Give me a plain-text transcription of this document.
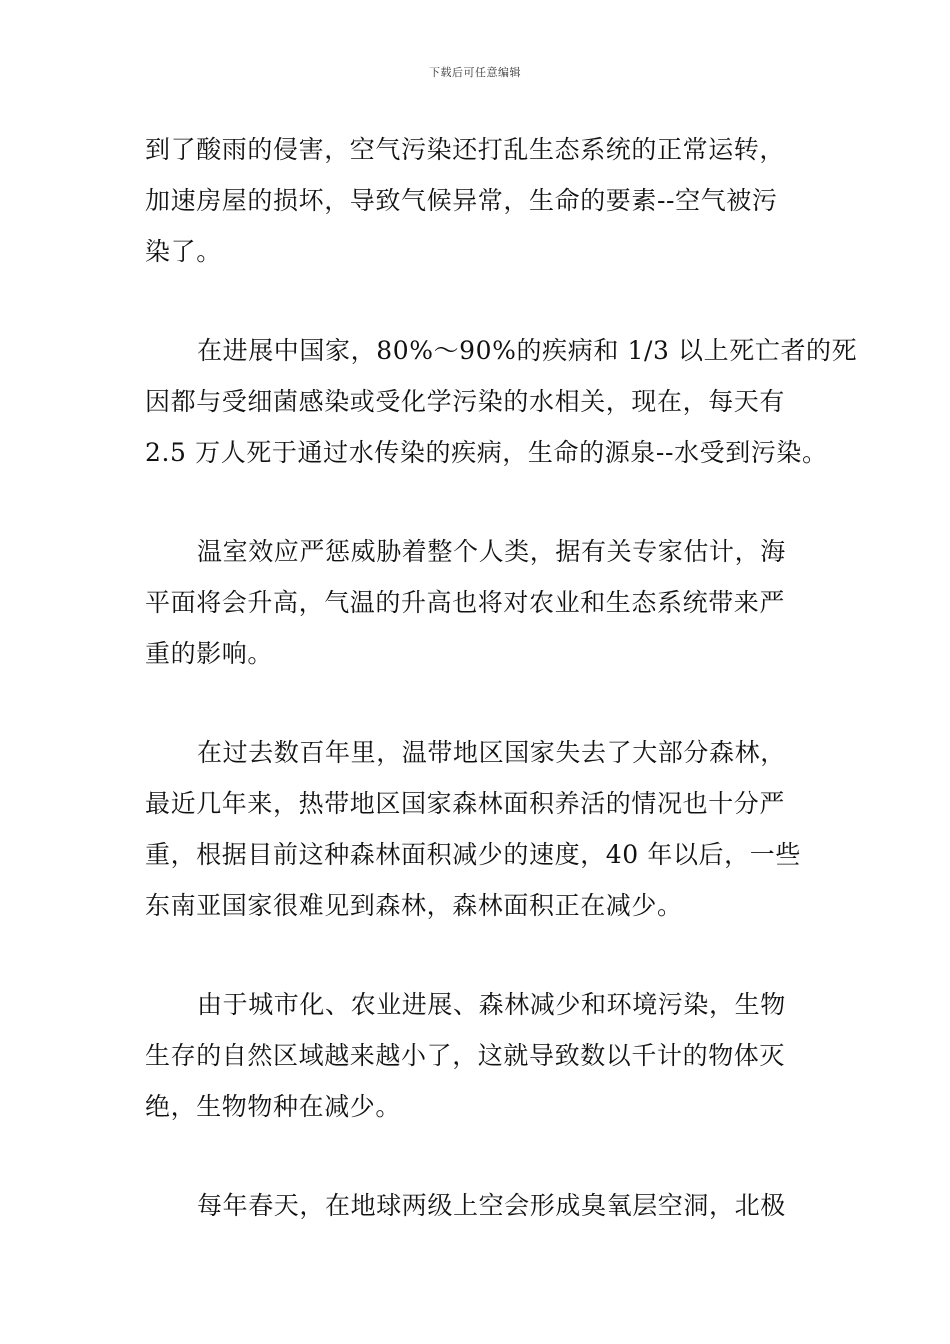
下载后可任意编辑
到了酸雨的侵害，空气污染还打乱生态系统的正常运转，
加速房屋的损坏，导致气候异常，生命的要素--空气被污
染了。
在进展中国家，80%～90%的疾病和 1/3 以上死亡者的死
因都与受细菌感染或受化学污染的水相关，现在，每天有
2.5 万人死于通过水传染的疾病，生命的源泉--水受到污染。
温室效应严惩威胁着整个人类，据有关专家估计，海
平面将会升高，气温的升高也将对农业和生态系统带来严
重的影响。
在过去数百年里，温带地区国家失去了大部分森林，
最近几年来，热带地区国家森林面积养活的情况也十分严
重，根据目前这种森林面积减少的速度，40 年以后，一些
东南亚国家很难见到森林，森林面积正在减少。
由于城市化、农业进展、森林减少和环境污染，生物
生存的自然区域越来越小了，这就导致数以千计的物体灭
绝，生物物种在减少。
每年春天，在地球两级上空会形成臭氧层空洞，北极
